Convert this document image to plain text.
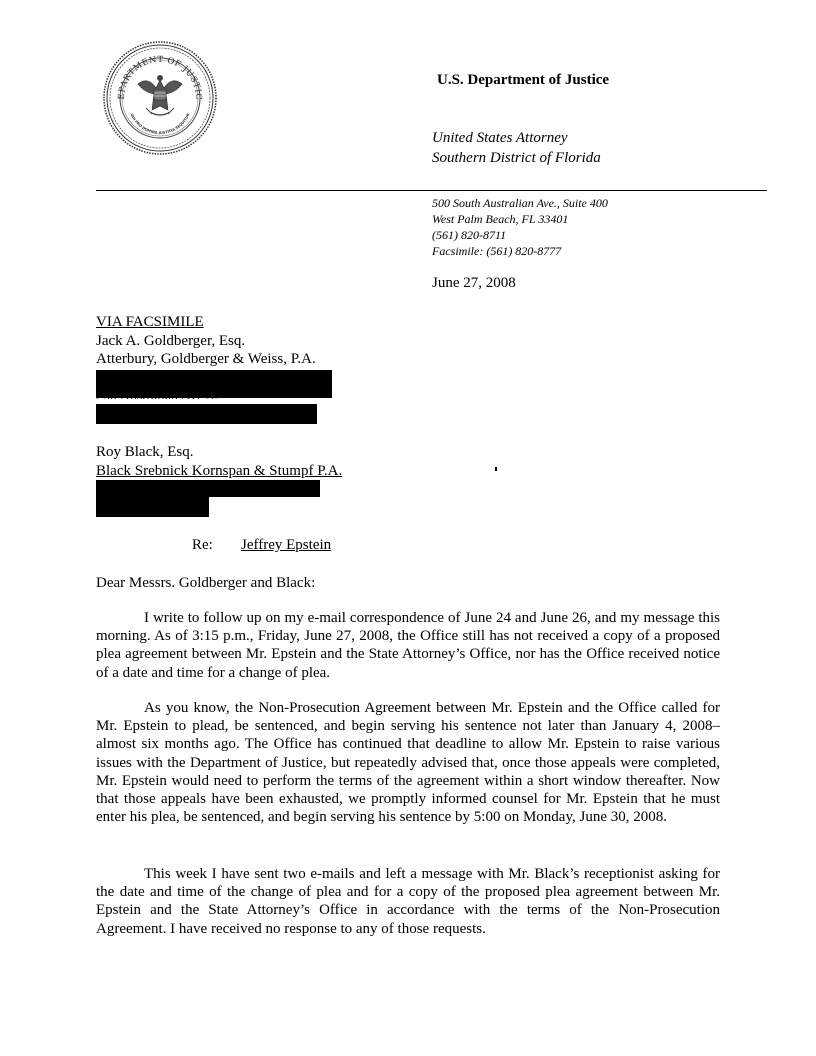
EPARTMENT OF JUSTIC
QUI PRO DOMINA JUSTITIA SEQUITUR
U.S. Department of Justice
United States Attorney
Southern District of Florida
500 South Australian Ave., Suite 400
West Palm Beach, FL 33401
(561) 820-8711
Facsimile: (561) 820-8777
June 27, 2008
VIA FACSIMILE
Jack A. Goldberger, Esq.
Atterbury, Goldberger & Weiss, P.A.
Roy Black, Esq.
Black Srebnick Kornspan & Stumpf P.A.
Re: Jeffrey Epstein
Dear Messrs. Goldberger and Black:
I write to follow up on my e-mail correspondence of June 24 and June 26, and my message this morning. As of 3:15 p.m., Friday, June 27, 2008, the Office still has not received a copy of a proposed plea agreement between Mr. Epstein and the State Attorney’s Office, nor has the Office received notice of a date and time for a change of plea.
As you know, the Non-Prosecution Agreement between Mr. Epstein and the Office called for Mr. Epstein to plead, be sentenced, and begin serving his sentence not later than January 4, 2008–almost six months ago. The Office has continued that deadline to allow Mr. Epstein to raise various issues with the Department of Justice, but repeatedly advised that, once those appeals were completed, Mr. Epstein would need to perform the terms of the agreement within a short window thereafter. Now that those appeals have been exhausted, we promptly informed counsel for Mr. Epstein that he must enter his plea, be sentenced, and begin serving his sentence by 5:00 on Monday, June 30, 2008.
This week I have sent two e-mails and left a message with Mr. Black’s receptionist asking for the date and time of the change of plea and for a copy of the proposed plea agreement between Mr. Epstein and the State Attorney’s Office in accordance with the terms of the Non-Prosecution Agreement. I have received no response to any of those requests.
